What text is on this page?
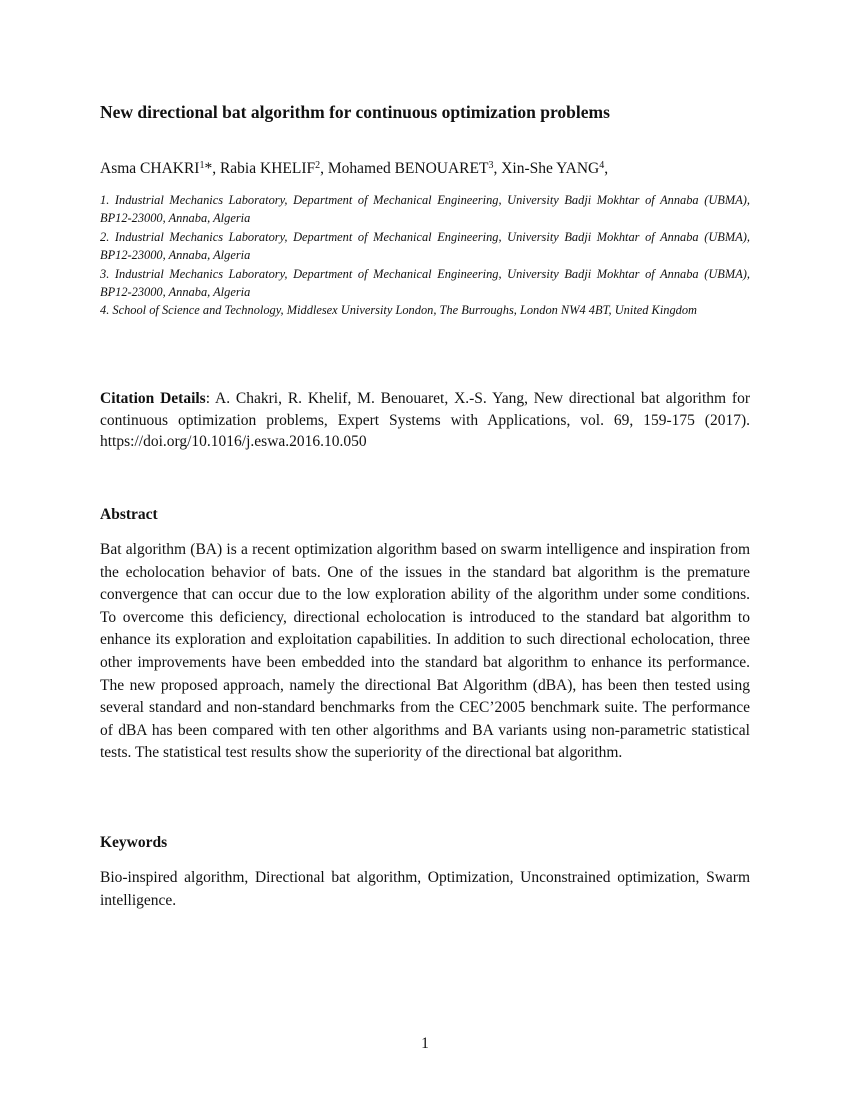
New directional bat algorithm for continuous optimization problems
Asma CHAKRI$^1$*, Rabia KHELIF$^2$, Mohamed BENOUARET$^3$, Xin-She YANG$^4$,

1. Industrial Mechanics Laboratory, Department of Mechanical Engineering, University Badji Mokhtar of Annaba (UBMA), BP12-23000, Annaba, Algeria

2. Industrial Mechanics Laboratory, Department of Mechanical Engineering, University Badji Mokhtar of Annaba (UBMA), BP12-23000, Annaba, Algeria

3. Industrial Mechanics Laboratory, Department of Mechanical Engineering, University Badji Mokhtar of Annaba (UBMA), BP12-23000, Annaba, Algeria

4. School of Science and Technology, Middlesex University London, The Burroughs, London NW4 4BT, United Kingdom

Citation Details: A. Chakri, R. Khelif, M. Benouaret, X.-S. Yang, New directional bat algorithm for continuous optimization problems, Expert Systems with Applications, vol. 69, 159-175 (2017). https://doi.org/10.1016/j.eswa.2016.10.050
Abstract
Bat algorithm (BA) is a recent optimization algorithm based on swarm intelligence and inspiration from the echolocation behavior of bats. One of the issues in the standard bat algorithm is the premature convergence that can occur due to the low exploration ability of the algorithm under some conditions. To overcome this deficiency, directional echolocation is introduced to the standard bat algorithm to enhance its exploration and exploitation capabilities. In addition to such directional echolocation, three other improvements have been embedded into the standard bat algorithm to enhance its performance. The new proposed approach, namely the directional Bat Algorithm (dBA), has been then tested using several standard and non-standard benchmarks from the CEC’2005 benchmark suite. The performance of dBA has been compared with ten other algorithms and BA variants using non-parametric statistical tests. The statistical test results show the superiority of the directional bat algorithm.
Keywords
Bio-inspired algorithm, Directional bat algorithm, Optimization, Unconstrained optimization, Swarm intelligence.
1
